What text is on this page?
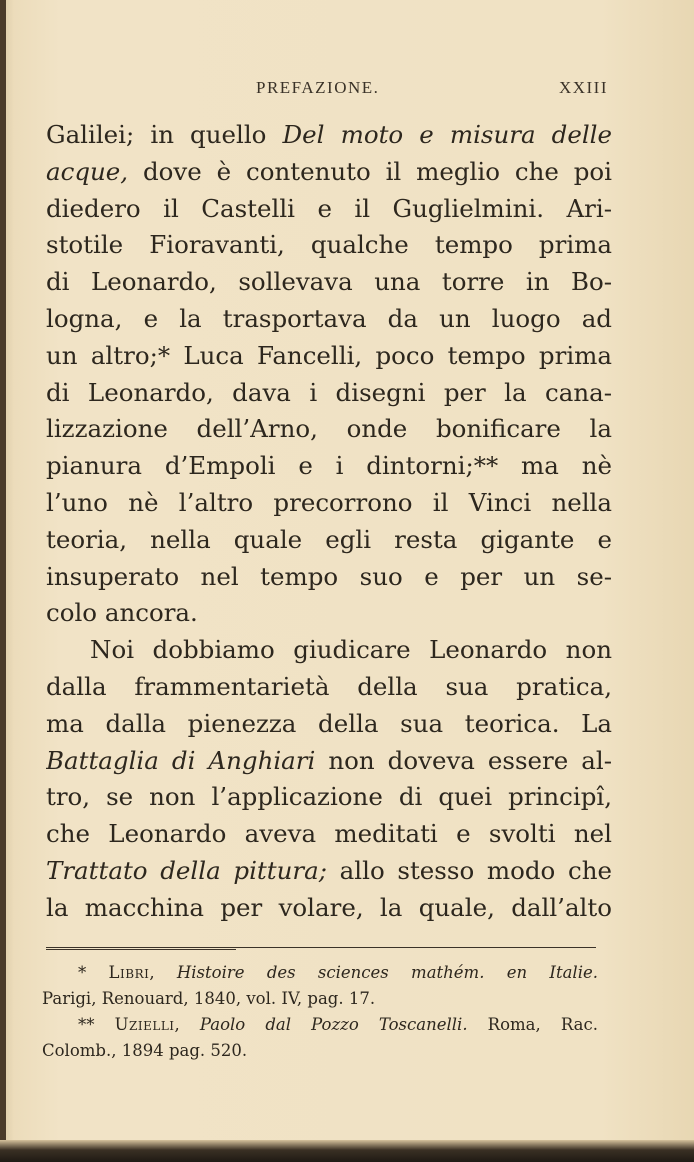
PREFAZIONE.	XXIII
Galilei; in quello Del moto e misura delle
acque, dove è contenuto il meglio che poi
diedero il Castelli e il Guglielmini. Ari-
stotile Fioravanti, qualche tempo prima
di Leonardo, sollevava una torre in Bo-
logna, e la trasportava da un luogo ad
un altro;* Luca Fancelli, poco tempo prima
di Leonardo, dava i disegni per la cana-
lizzazione dell’Arno, onde bonificare la
pianura d’Empoli e i dintorni;** ma nè
l’uno nè l’altro precorrono il Vinci nella
teoria, nella quale egli resta gigante e
insuperato nel tempo suo e per un se-
colo ancora.
Noi dobbiamo giudicare Leonardo non
dalla frammentarietà della sua pratica,
ma dalla pienezza della sua teorica. La
Battaglia di Anghiari non doveva essere al-
tro, se non l’applicazione di quei principî,
che Leonardo aveva meditati e svolti nel
Trattato della pittura; allo stesso modo che
la macchina per volare, la quale, dall’alto
* Libri, Histoire des sciences mathém. en Italie.
Parigi, Renouard, 1840, vol. IV, pag. 17.
** Uzielli, Paolo dal Pozzo Toscanelli. Roma, Rac.
Colomb., 1894 pag. 520.
